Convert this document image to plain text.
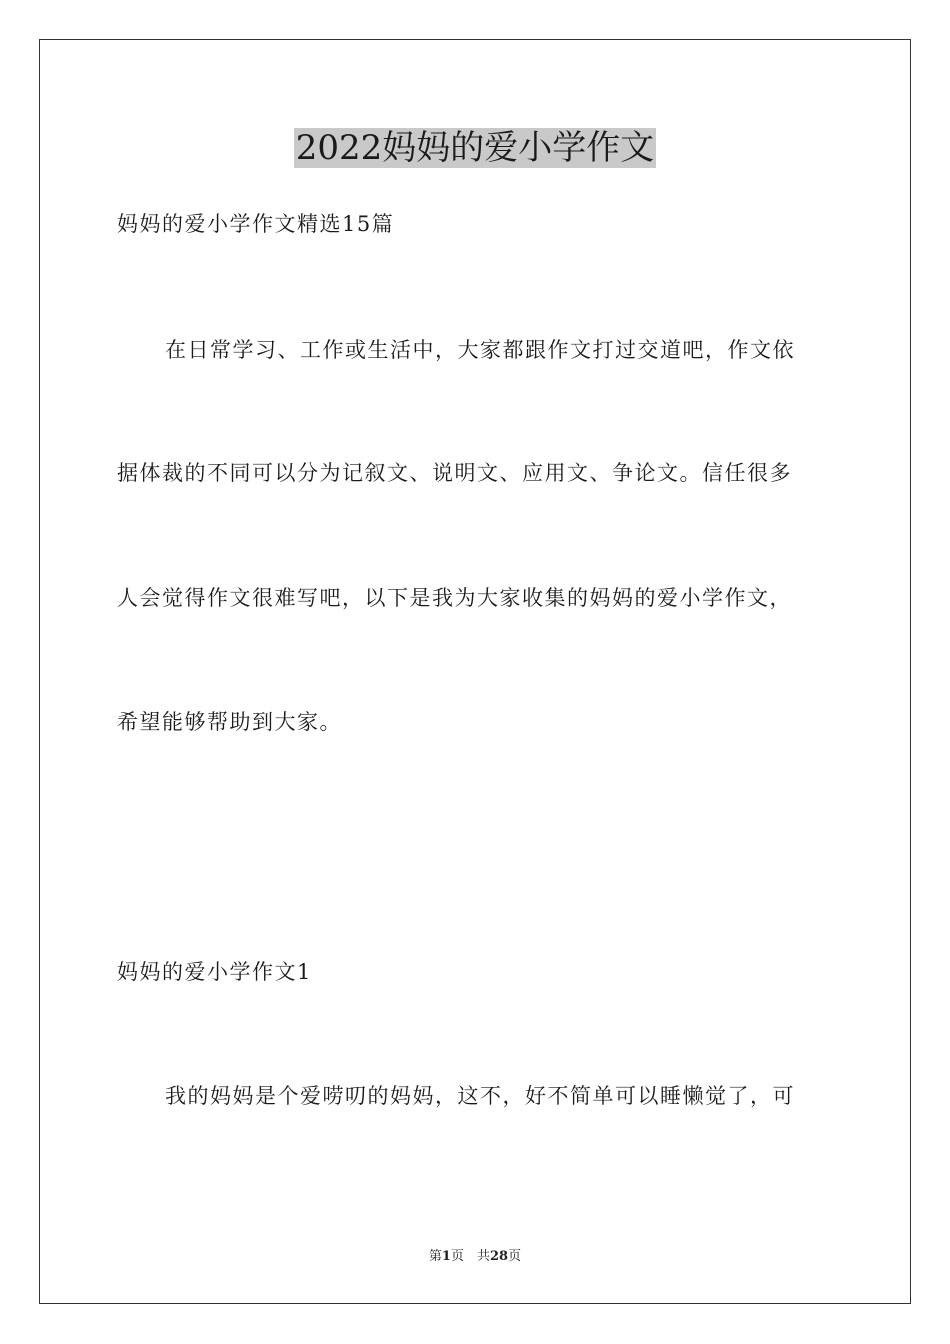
2022妈妈的爱小学作文
妈妈的爱小学作文精选15篇
在日常学习、工作或生活中，大家都跟作文打过交道吧，作文依
据体裁的不同可以分为记叙文、说明文、应用文、争论文。信任很多
人会觉得作文很难写吧，以下是我为大家收集的妈妈的爱小学作文，
希望能够帮助到大家。
妈妈的爱小学作文1
我的妈妈是个爱唠叨的妈妈，这不，好不简单可以睡懒觉了，可
第1页　共28页
